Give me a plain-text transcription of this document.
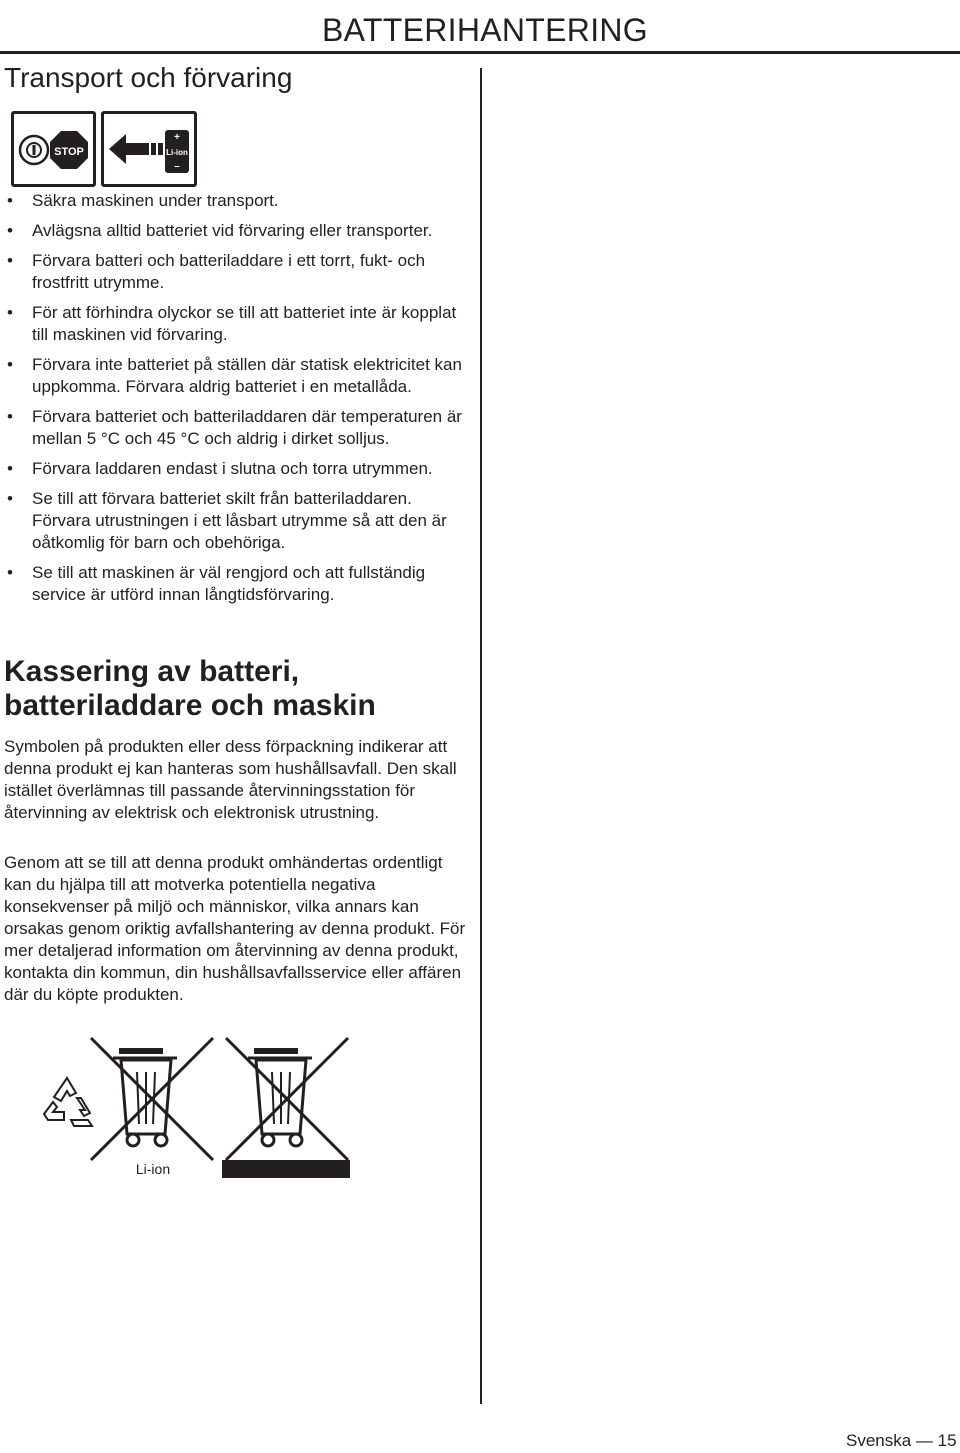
BATTERIHANTERING
Transport och förvaring
STOP
+
Li-ion
–
• Säkra maskinen under transport.
• Avlägsna alltid batteriet vid förvaring eller transporter.
• Förvara batteri och batteriladdare i ett torrt, fukt- och frostfritt utrymme.
• För att förhindra olyckor se till att batteriet inte är kopplat till maskinen vid förvaring.
• Förvara inte batteriet på ställen där statisk elektricitet kan uppkomma. Förvara aldrig batteriet i en metallåda.
• Förvara batteriet och batteriladdaren där temperaturen är mellan 5 °C och 45 °C och aldrig i dirket solljus.
• Förvara laddaren endast i slutna och torra utrymmen.
• Se till att förvara batteriet skilt från batteriladdaren. Förvara utrustningen i ett låsbart utrymme så att den är oåtkomlig för barn och obehöriga.
• Se till att maskinen är väl rengjord och att fullständig service är utförd innan långtidsförvaring.
Kassering av batteri,
batteriladdare och maskin

Symbolen på produkten eller dess förpackning indikerar att denna produkt ej kan hanteras som hushållsavfall. Den skall istället överlämnas till passande återvinningsstation för återvinning av elektrisk och elektronisk utrustning.

Genom att se till att denna produkt omhändertas ordentligt kan du hjälpa till att motverka potentiella negativa konsekvenser på miljö och människor, vilka annars kan orsakas genom oriktig avfallshantering av denna produkt. För mer detaljerad information om återvinning av denna produkt, kontakta din kommun, din hushållsavfallsservice eller affären där du köpte produkten.

Li-ion
Svenska — 15
